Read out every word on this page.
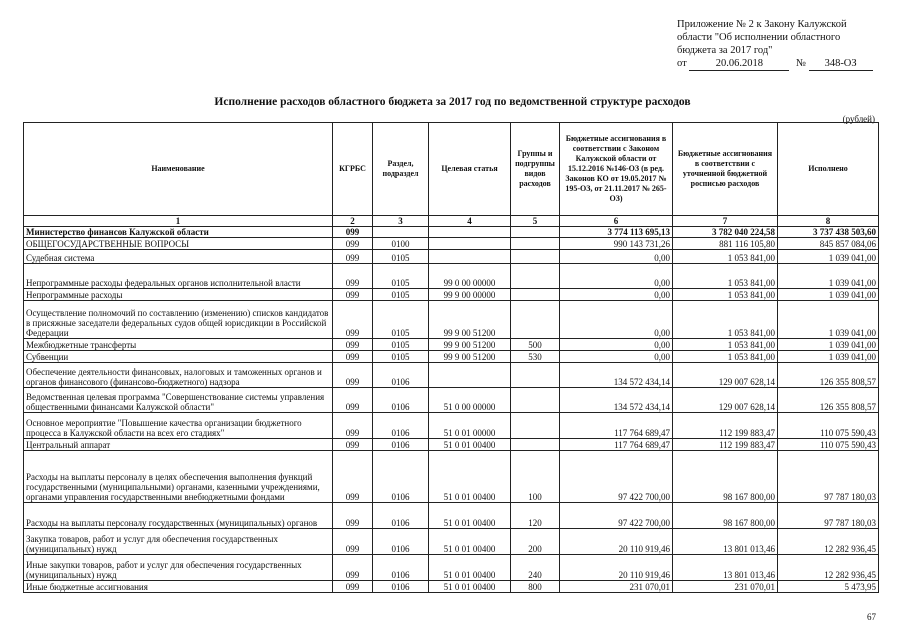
Приложение № 2 к Закону Калужской
области "Об исполнении областного
бюджета за 2017 год"
от	20.06.2018	№ 348-ОЗ
Исполнение расходов областного бюджета за 2017 год по ведомственной структуре расходов
(рублей)
Наименование	КГРБС	Раздел, подраздел	Целевая статья	Группы и подгруппы видов расходов	Бюджетные ассигнования в соответствии с Законом Калужской области от 15.12.2016 №146-ОЗ (в ред. Законов КО от 19.05.2017 № 195-ОЗ, от 21.11.2017 № 265-ОЗ)	Бюджетные ассигнования в соответствии с уточненной бюджетной росписью расходов	Исполнено
1	2	3	4	5	6	7	8
Министерство финансов Калужской области	099				3 774 113 695,13	3 782 040 224,58	3 737 438 503,60
ОБЩЕГОСУДАРСТВЕННЫЕ ВОПРОСЫ	099	0100			990 143 731,26	881 116 105,80	845 857 084,06
Судебная система	099	0105			0,00	1 053 841,00	1 039 041,00
Непрограммные расходы федеральных органов исполнительной власти	099	0105	99 0 00 00000		0,00	1 053 841,00	1 039 041,00
Непрограммные расходы	099	0105	99 9 00 00000		0,00	1 053 841,00	1 039 041,00
Осуществление полномочий по составлению (изменению) списков кандидатов в присяжные заседатели федеральных судов общей юрисдикции в Российской Федерации	099	0105	99 9 00 51200		0,00	1 053 841,00	1 039 041,00
Межбюджетные трансферты	099	0105	99 9 00 51200	500	0,00	1 053 841,00	1 039 041,00
Субвенции	099	0105	99 9 00 51200	530	0,00	1 053 841,00	1 039 041,00
Обеспечение деятельности финансовых, налоговых и таможенных органов и органов финансового (финансово-бюджетного) надзора	099	0106			134 572 434,14	129 007 628,14	126 355 808,57
Ведомственная целевая программа "Совершенствование системы управления общественными финансами Калужской области"	099	0106	51 0 00 00000		134 572 434,14	129 007 628,14	126 355 808,57
Основное мероприятие "Повышение качества организации бюджетного процесса в Калужской области на всех его стадиях"	099	0106	51 0 01 00000		117 764 689,47	112 199 883,47	110 075 590,43
Центральный аппарат	099	0106	51 0 01 00400		117 764 689,47	112 199 883,47	110 075 590,43
Расходы на выплаты персоналу в целях обеспечения выполнения функций государственными (муниципальными) органами, казенными учреждениями, органами управления государственными внебюджетными фондами	099	0106	51 0 01 00400	100	97 422 700,00	98 167 800,00	97 787 180,03
Расходы на выплаты персоналу государственных (муниципальных) органов	099	0106	51 0 01 00400	120	97 422 700,00	98 167 800,00	97 787 180,03
Закупка товаров, работ и услуг для обеспечения государственных (муниципальных) нужд	099	0106	51 0 01 00400	200	20 110 919,46	13 801 013,46	12 282 936,45
Иные закупки товаров, работ и услуг для обеспечения государственных (муниципальных) нужд	099	0106	51 0 01 00400	240	20 110 919,46	13 801 013,46	12 282 936,45
Иные бюджетные ассигнования	099	0106	51 0 01 00400	800	231 070,01	231 070,01	5 473,95
67
